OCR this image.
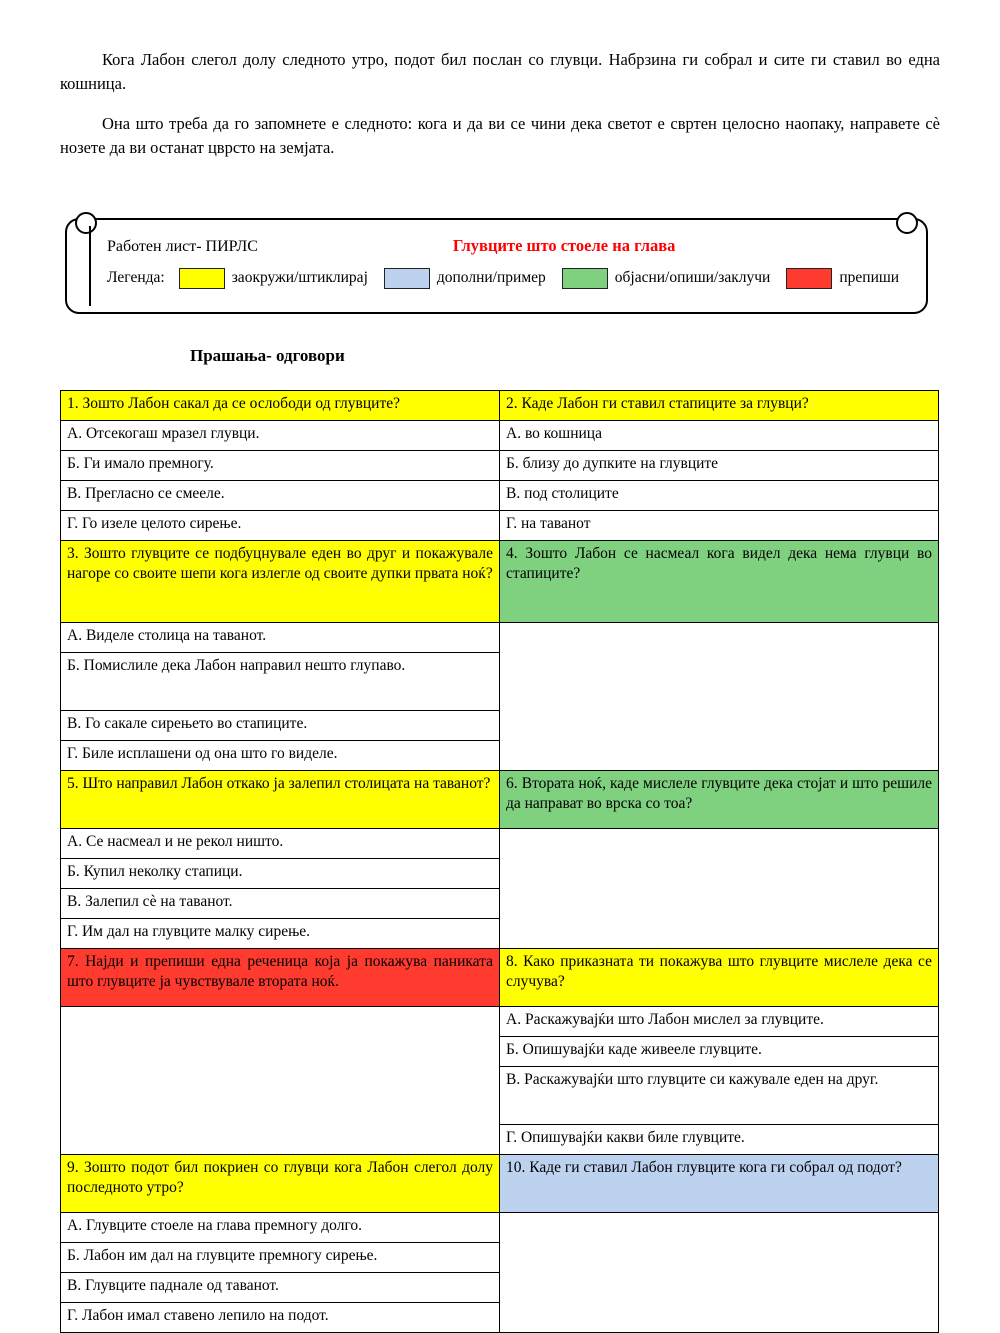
Кога Лабон слегол долу следното утро, подот бил послан со глувци. Набрзина ги собрал и сите ги ставил во една кошница.

Она што треба да го запомнете е следното: кога и да ви се чини дека светот е свртен целосно наопаку, направете сѐ нозете да ви останат цврсто на земјата.

Работен лист- ПИРЛС	Глувците што стоеле на глава
Легенда:	заокружи/штиклирај	дополни/пример	објасни/опиши/заклучи	препиши
Прашања- одговори
1. Зошто Лабон сакал да се ослободи од глувците?	2. Каде Лабон ги ставил стапиците за глувци?
А. Отсекогаш мразел глувци.	А. во кошница
Б. Ги имало премногу.	Б. близу до дупките на глувците
В. Прегласно се смееле.	В. под столиците
Г. Го изеле целото сирење.	Г. на таванот
3. Зошто глувците се подбуцнувале еден во друг и покажувале нагоре со своите шепи кога излегле од своите дупки првата ноќ?	4. Зошто Лабон се насмеал кога видел дека нема глувци во стапиците?
А. Виделе столица на таванот.	
Б. Помислиле дека Лабон направил нешто глупаво.	
В. Го сакале сирењето во стапиците.	
Г. Биле исплашени од она што го виделе.	
5. Што направил Лабон откако ја залепил столицата на таванот?	6. Втората ноќ, каде мислеле глувците дека стојат и што решиле да направат во врска со тоа?
А. Се насмеал и не рекол ништо.	
Б. Купил неколку стапици.	
В. Залепил сѐ на таванот.	
Г. Им дал на глувците малку сирење.	
7. Најди и препиши една реченица која ја покажува паниката што глувците ја чувствувале втората ноќ.	8. Како приказната ти покажува што глувците мислеле дека се случува?
	А. Раскажувајќи што Лабон мислел за глувците.
	Б. Опишувајќи каде живееле глувците.
	В. Раскажувајќи што глувците си кажувале еден на друг.
	Г. Опишувајќи какви биле глувците.
9. Зошто подот бил покриен со глувци кога Лабон слегол долу последното утро?	10. Каде ги ставил Лабон глувците кога ги собрал од подот?
А. Глувците стоеле на глава премногу долго.	
Б. Лабон им дал на глувците премногу сирење.	
В. Глувците паднале од таванот.	
Г. Лабон имал ставено лепило на подот.	
